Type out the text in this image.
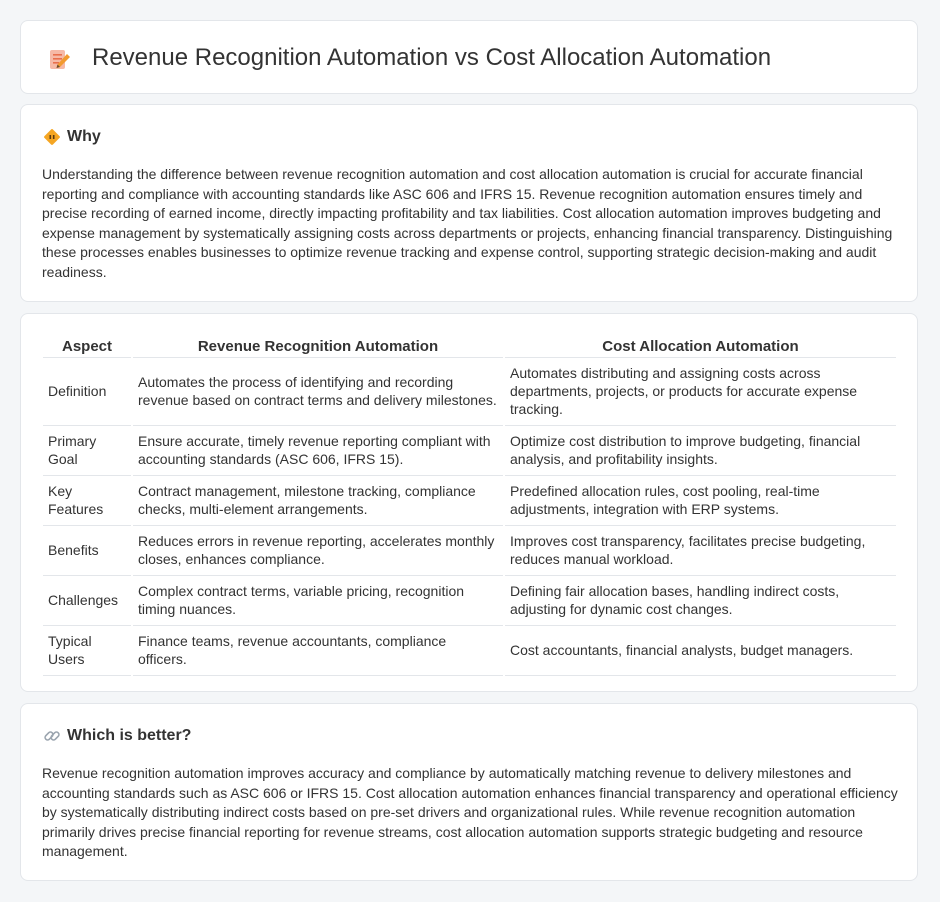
Revenue Recognition Automation vs Cost Allocation Automation
Why

Understanding the difference between revenue recognition automation and cost allocation automation is crucial for accurate financial reporting and compliance with accounting standards like ASC 606 and IFRS 15. Revenue recognition automation ensures timely and precise recording of earned income, directly impacting profitability and tax liabilities. Cost allocation automation improves budgeting and expense management by systematically assigning costs across departments or projects, enhancing financial transparency. Distinguishing these processes enables businesses to optimize revenue tracking and expense control, supporting strategic decision-making and audit readiness.

Aspect	Revenue Recognition Automation	Cost Allocation Automation
Definition	Automates the process of identifying and recording revenue based on contract terms and delivery milestones.	Automates distributing and assigning costs across departments, projects, or products for accurate expense tracking.
Primary Goal	Ensure accurate, timely revenue reporting compliant with accounting standards (ASC 606, IFRS 15).	Optimize cost distribution to improve budgeting, financial analysis, and profitability insights.
Key Features	Contract management, milestone tracking, compliance checks, multi-element arrangements.	Predefined allocation rules, cost pooling, real-time adjustments, integration with ERP systems.
Benefits	Reduces errors in revenue reporting, accelerates monthly closes, enhances compliance.	Improves cost transparency, facilitates precise budgeting, reduces manual workload.
Challenges	Complex contract terms, variable pricing, recognition timing nuances.	Defining fair allocation bases, handling indirect costs, adjusting for dynamic cost changes.
Typical Users	Finance teams, revenue accountants, compliance officers.	Cost accountants, financial analysts, budget managers.
Which is better?

Revenue recognition automation improves accuracy and compliance by automatically matching revenue to delivery milestones and accounting standards such as ASC 606 or IFRS 15. Cost allocation automation enhances financial transparency and operational efficiency by systematically distributing indirect costs based on pre-set drivers and organizational rules. While revenue recognition automation primarily drives precise financial reporting for revenue streams, cost allocation automation supports strategic budgeting and resource management.
